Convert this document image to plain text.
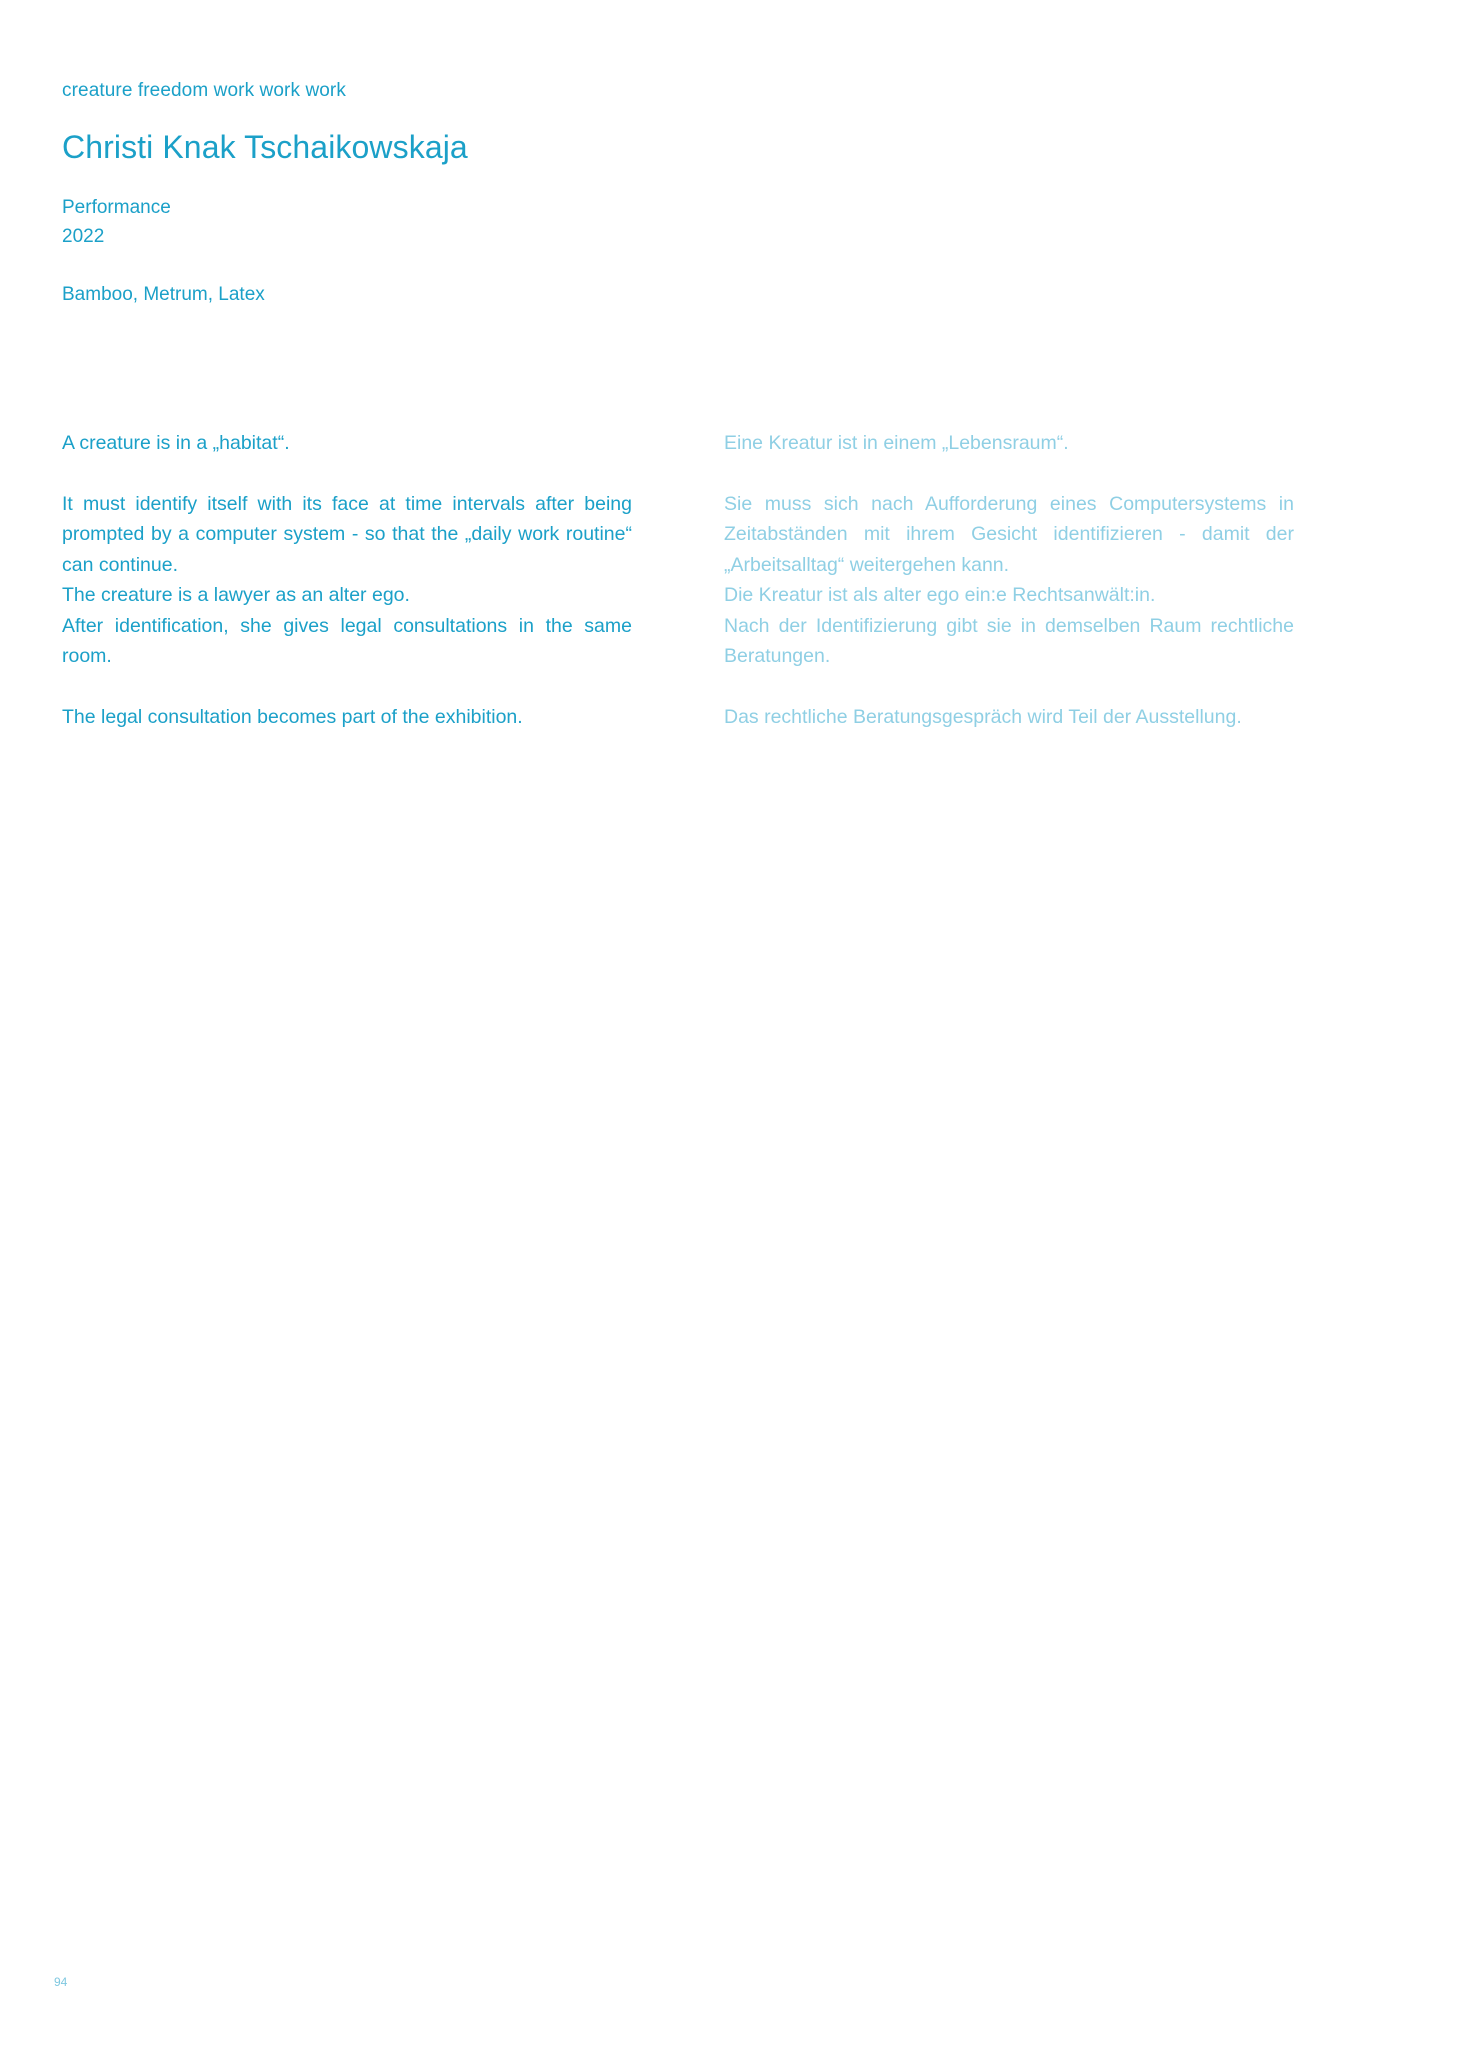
creature freedom work work work
Christi Knak Tschaikowskaja
Performance
2022
Bamboo, Metrum, Latex

A creature is in a „habitat“.

It must identify itself with its face at time intervals after being prompted by a computer system - so that the „daily work routine“ can continue.
The creature is a lawyer as an alter ego.
After identification, she gives legal consultations in the same room.

The legal consultation becomes part of the exhibition.

Eine Kreatur ist in einem „Lebensraum“.

Sie muss sich nach Aufforderung eines Computersystems in Zeitabständen mit ihrem Gesicht identifizieren - damit der „Arbeitsalltag“ weitergehen kann.
Die Kreatur ist als alter ego ein:e Rechtsanwält:in.
Nach der Identifizierung gibt sie in demselben Raum rechtliche Beratungen.

Das rechtliche Beratungsgespräch wird Teil der Ausstellung.

94
